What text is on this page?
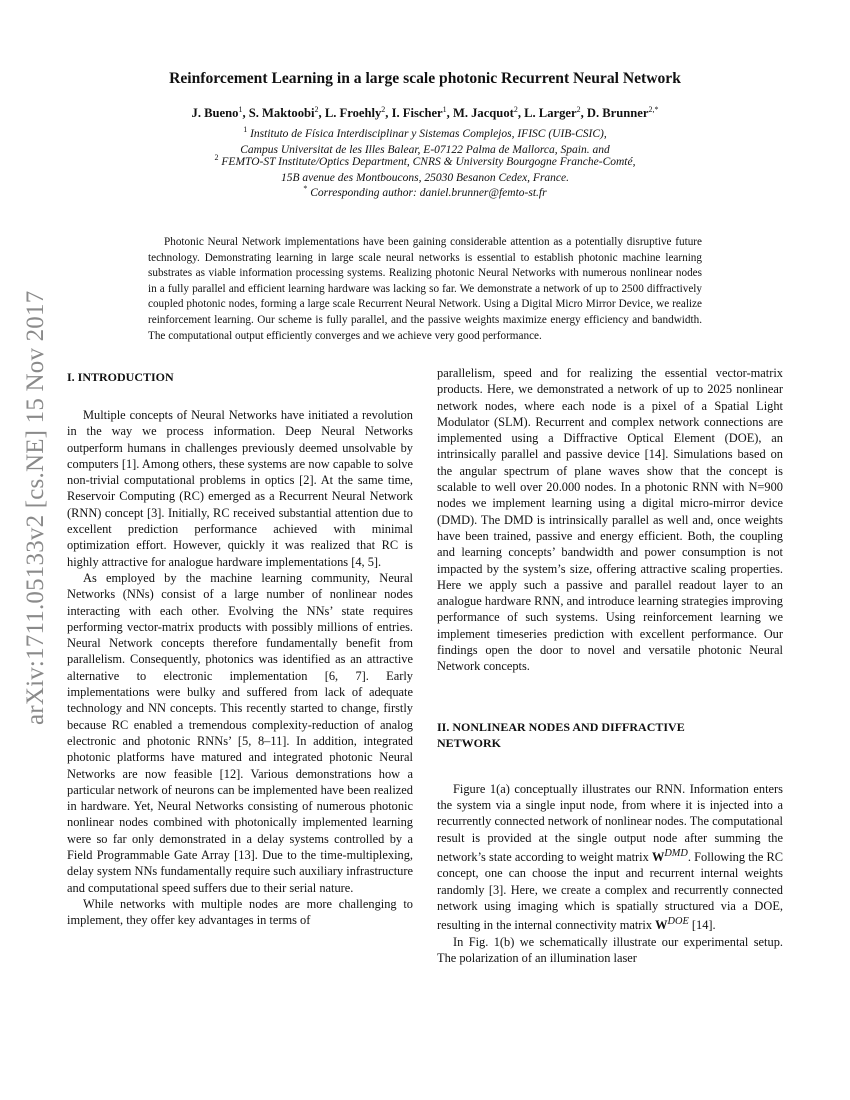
arXiv:1711.05133v2 [cs.NE] 15 Nov 2017
Reinforcement Learning in a large scale photonic Recurrent Neural Network
J. Bueno$^1$, S. Maktoobi$^2$, L. Froehly$^2$, I. Fischer$^1$, M. Jacquot$^2$, L. Larger$^2$, D. Brunner$^{2,*}$
$^1$ Instituto de Física Interdisciplinar y Sistemas Complejos, IFISC (UIB-CSIC),
Campus Universitat de les Illes Balear, E-07122 Palma de Mallorca, Spain. and
$^2$ FEMTO-ST Institute/Optics Department, CNRS & University Bourgogne Franche-Comté,
15B avenue des Montboucons, 25030 Besanon Cedex, France.
* Corresponding author: daniel.brunner@femto-st.fr

Photonic Neural Network implementations have been gaining considerable attention as a potentially disruptive future technology. Demonstrating learning in large scale neural networks is essential to establish photonic machine learning substrates as viable information processing systems. Realizing photonic Neural Networks with numerous nonlinear nodes in a fully parallel and efficient learning hardware was lacking so far. We demonstrate a network of up to 2500 diffractively coupled photonic nodes, forming a large scale Recurrent Neural Network. Using a Digital Micro Mirror Device, we realize reinforcement learning. Our scheme is fully parallel, and the passive weights maximize energy efficiency and bandwidth. The computational output efficiently converges and we achieve very good performance.

I. INTRODUCTION

Multiple concepts of Neural Networks have initiated a revolution in the way we process information. Deep Neural Networks outperform humans in challenges previously deemed unsolvable by computers [1]. Among others, these systems are now capable to solve non-trivial computational problems in optics [2]. At the same time, Reservoir Computing (RC) emerged as a Recurrent Neural Network (RNN) concept [3]. Initially, RC received substantial attention due to excellent prediction performance achieved with minimal optimization effort. However, quickly it was realized that RC is highly attractive for analogue hardware implementations [4, 5].

As employed by the machine learning community, Neural Networks (NNs) consist of a large number of nonlinear nodes interacting with each other. Evolving the NNs’ state requires performing vector-matrix products with possibly millions of entries. Neural Network concepts therefore fundamentally benefit from parallelism. Consequently, photonics was identified as an attractive alternative to electronic implementation [6, 7]. Early implementations were bulky and suffered from lack of adequate technology and NN concepts. This recently started to change, firstly because RC enabled a tremendous complexity-reduction of analog electronic and photonic RNNs’ [5, 8–11]. In addition, integrated photonic platforms have matured and integrated photonic Neural Networks are now feasible [12]. Various demonstrations how a particular network of neurons can be implemented have been realized in hardware. Yet, Neural Networks consisting of numerous photonic nonlinear nodes combined with photonically implemented learning were so far only demonstrated in a delay systems controlled by a Field Programmable Gate Array [13]. Due to the time-multiplexing, delay system NNs fundamentally require such auxiliary infrastructure and computational speed suffers due to their serial nature.

While networks with multiple nodes are more challenging to implement, they offer key advantages in terms of

parallelism, speed and for realizing the essential vector-matrix products. Here, we demonstrated a network of up to 2025 nonlinear network nodes, where each node is a pixel of a Spatial Light Modulator (SLM). Recurrent and complex network connections are implemented using a Diffractive Optical Element (DOE), an intrinsically parallel and passive device [14]. Simulations based on the angular spectrum of plane waves show that the concept is scalable to well over 20.000 nodes. In a photonic RNN with N=900 nodes we implement learning using a digital micro-mirror device (DMD). The DMD is intrinsically parallel as well and, once weights have been trained, passive and energy efficient. Both, the coupling and learning concepts’ bandwidth and power consumption is not impacted by the system’s size, offering attractive scaling properties. Here we apply such a passive and parallel readout layer to an analogue hardware RNN, and introduce learning strategies improving performance of such systems. Using reinforcement learning we implement timeseries prediction with excellent performance. Our findings open the door to novel and versatile photonic Neural Network concepts.

II. NONLINEAR NODES AND DIFFRACTIVE
NETWORK

Figure 1(a) conceptually illustrates our RNN. Information enters the system via a single input node, from where it is injected into a recurrently connected network of nonlinear nodes. The computational result is provided at the single output node after summing the network’s state according to weight matrix $W^{DMD}$. Following the RC concept, one can choose the input and recurrent internal weights randomly [3]. Here, we create a complex and recurrently connected network using imaging which is spatially structured via a DOE, resulting in the internal connectivity matrix $W^{DOE}$ [14].

In Fig. 1(b) we schematically illustrate our experimental setup. The polarization of an illumination laser
